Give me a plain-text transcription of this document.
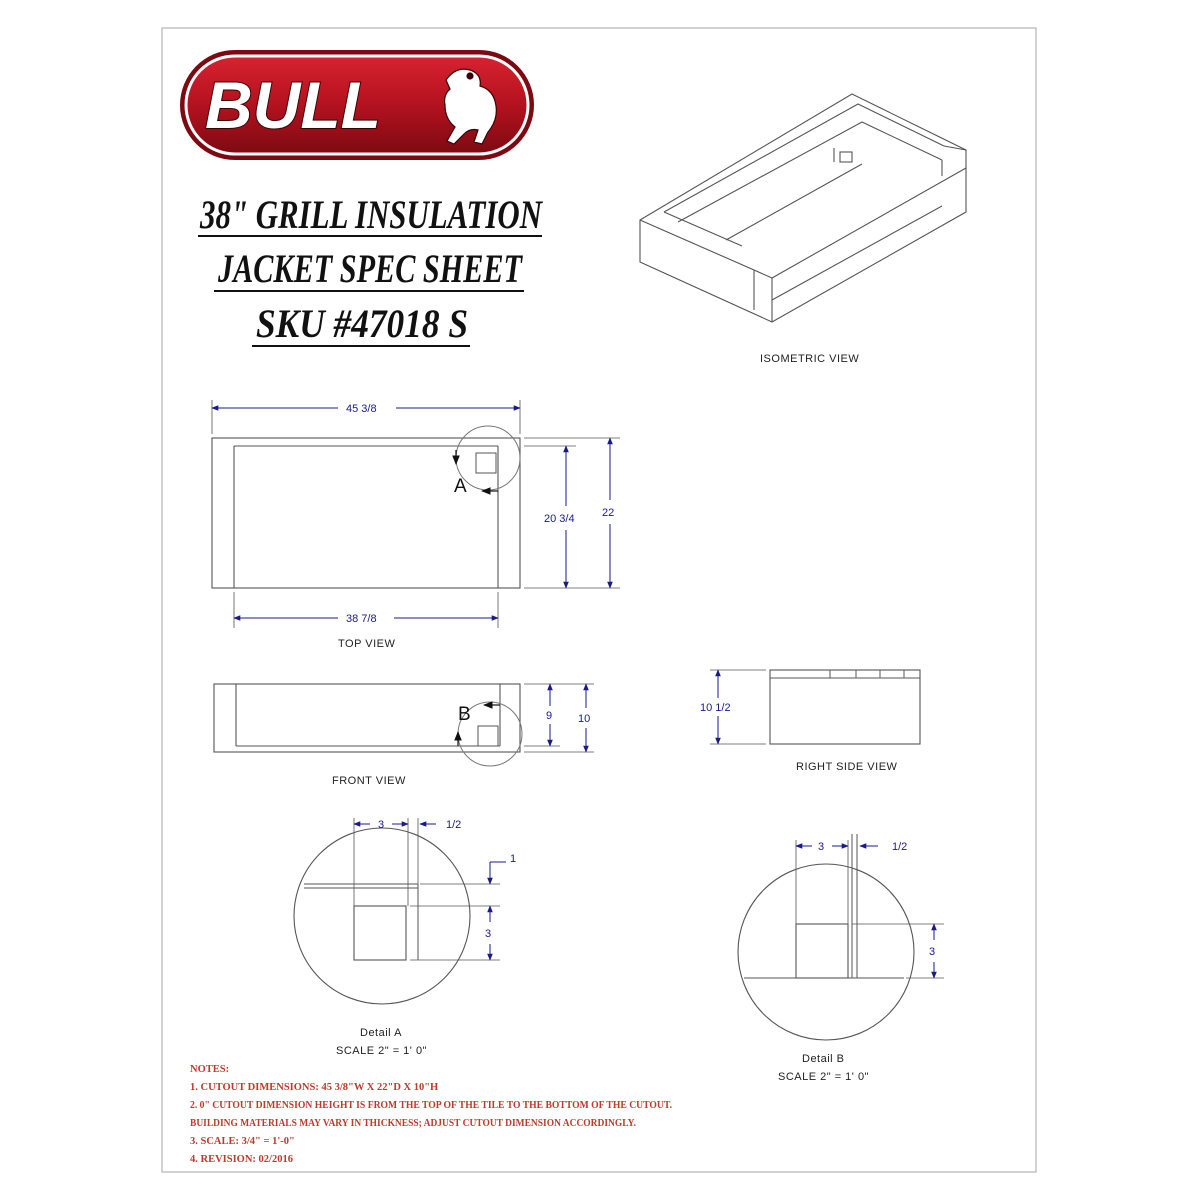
BULL
38" GRILL INSULATION
JACKET SPEC SHEET
SKU #47018 S
ISOMETRIC VIEW
A
45 3/8
38 7/8
20 3/4 22
TOP VIEW
B	9 10
FRONT VIEW
10 1/2
RIGHT SIDE VIEW
3	1/2
1
3
Detail A
SCALE 2" = 1' 0"
3	1/2
3
Detail B
SCALE 2" = 1' 0"
NOTES:
1. CUTOUT DIMENSIONS: 45 3/8"W X 22"D X 10"H
2. 0" CUTOUT DIMENSION HEIGHT IS FROM THE TOP OF THE TILE TO THE BOTTOM OF THE CUTOUT.
BUILDING MATERIALS MAY VARY IN THICKNESS; ADJUST CUTOUT DIMENSION ACCORDINGLY.
3. SCALE: 3/4" = 1'-0"
4. REVISION: 02/2016
